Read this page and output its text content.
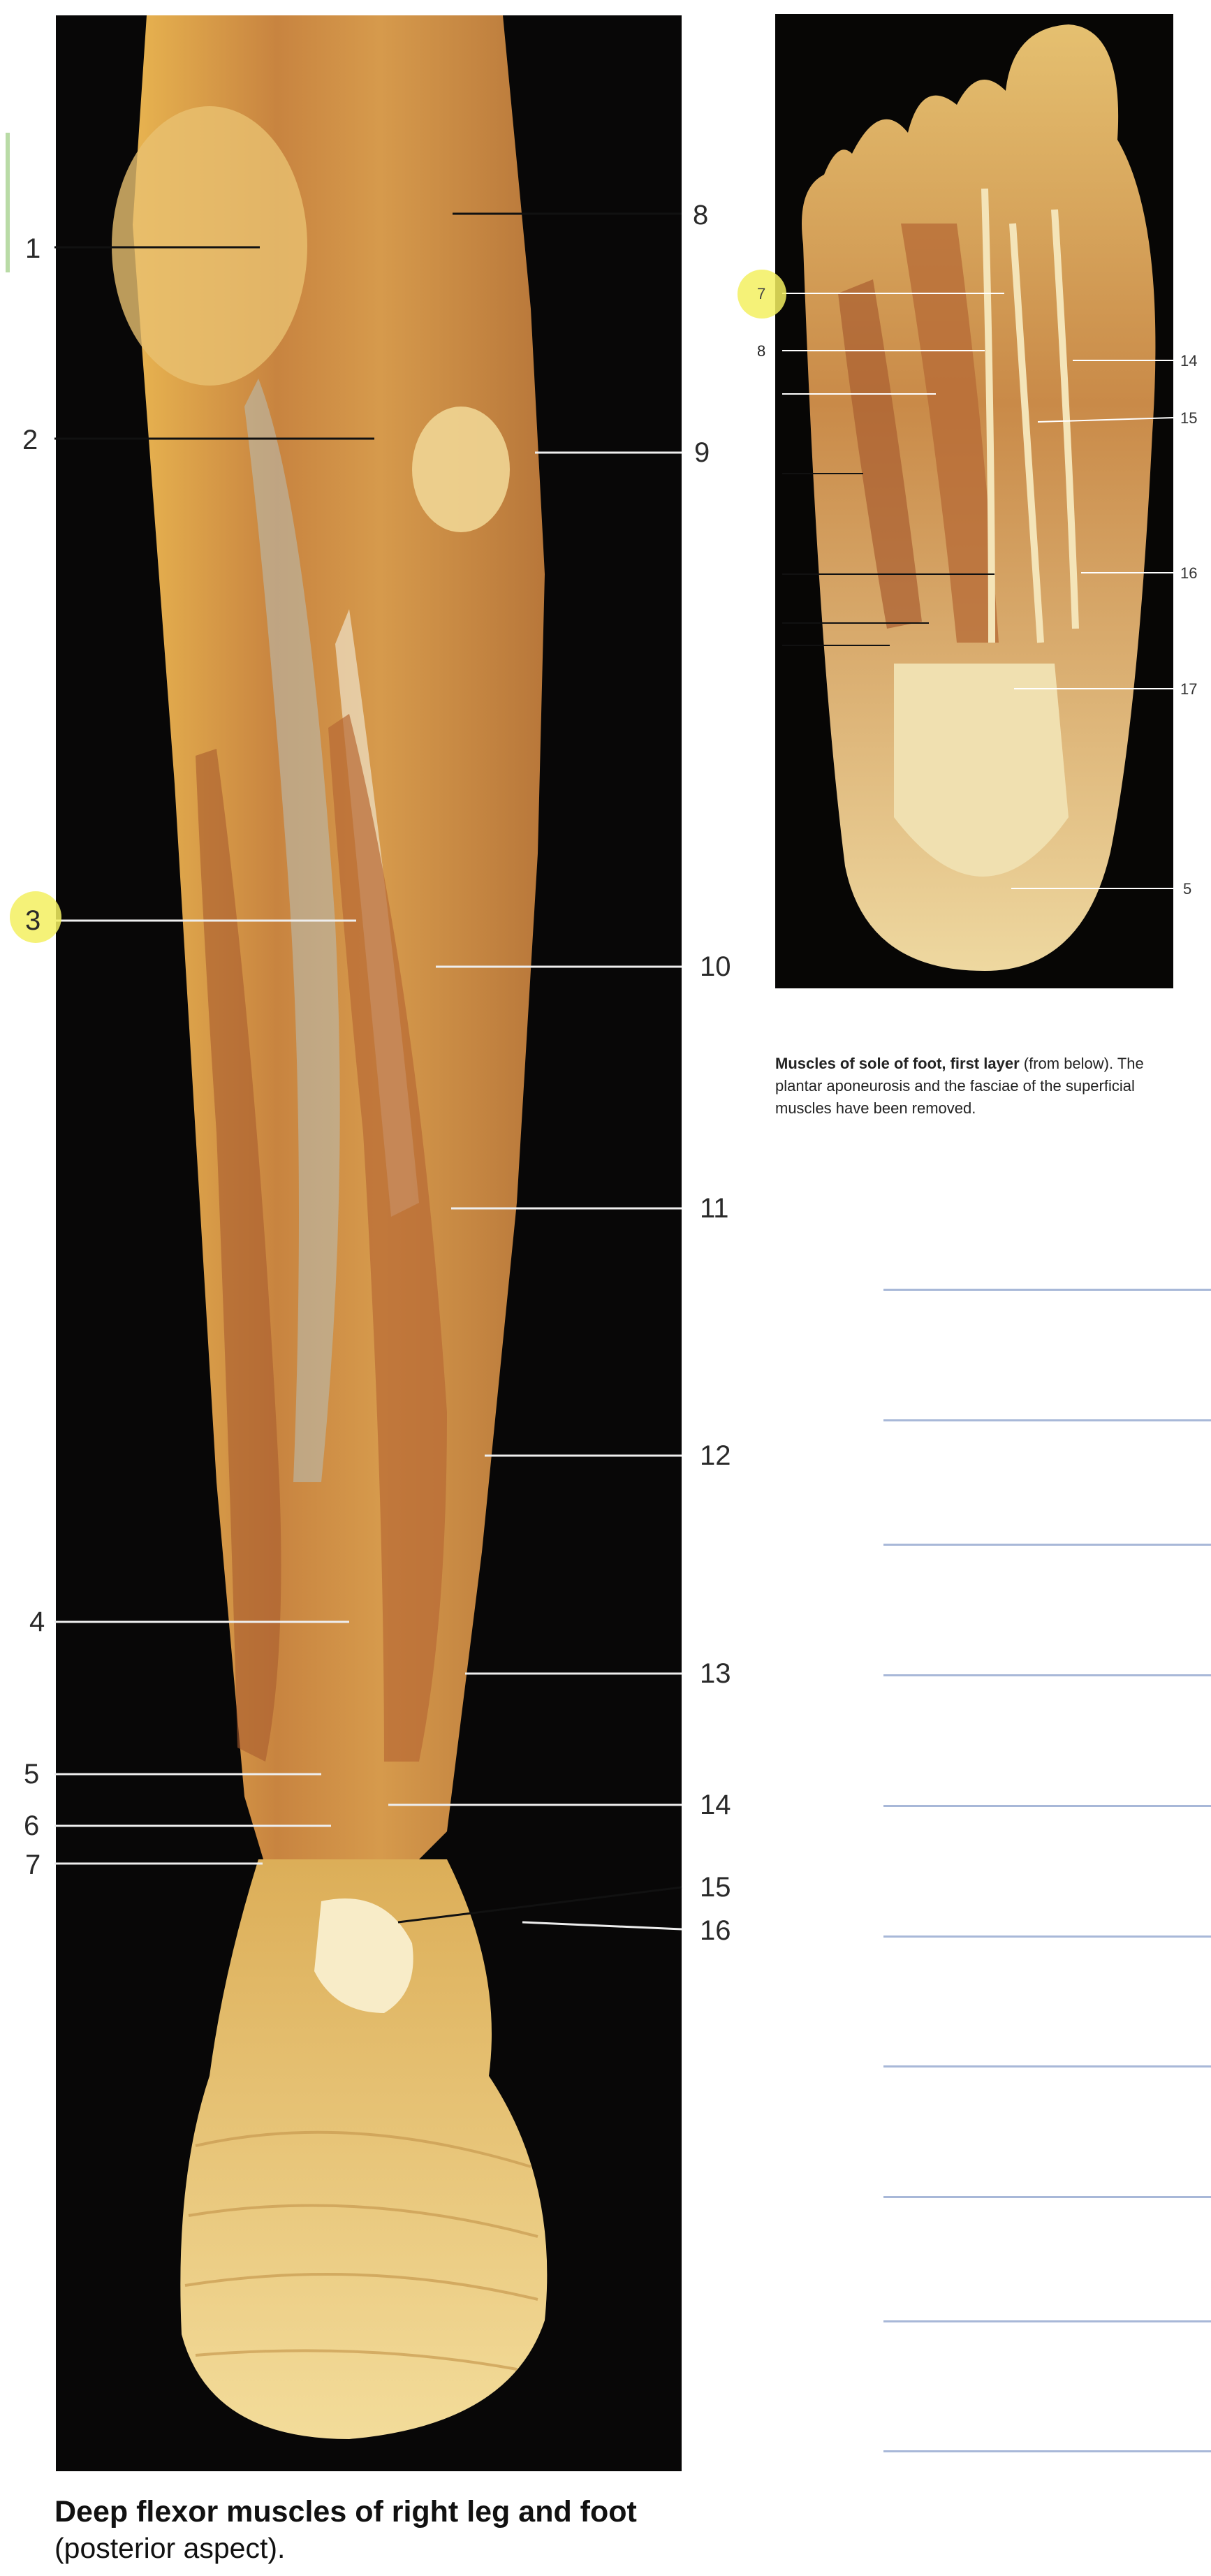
1
2
3
4
5
6
7
8
9
10
11
12
13
14
15
16
7
8
9
10
11
12
13
14
15
16
17
5
Muscles of sole of foot, first layer (from below). The plantar aponeurosis and the fasciae of the superficial muscles have been removed.
Deep flexor muscles of right leg and foot
(posterior aspect).
